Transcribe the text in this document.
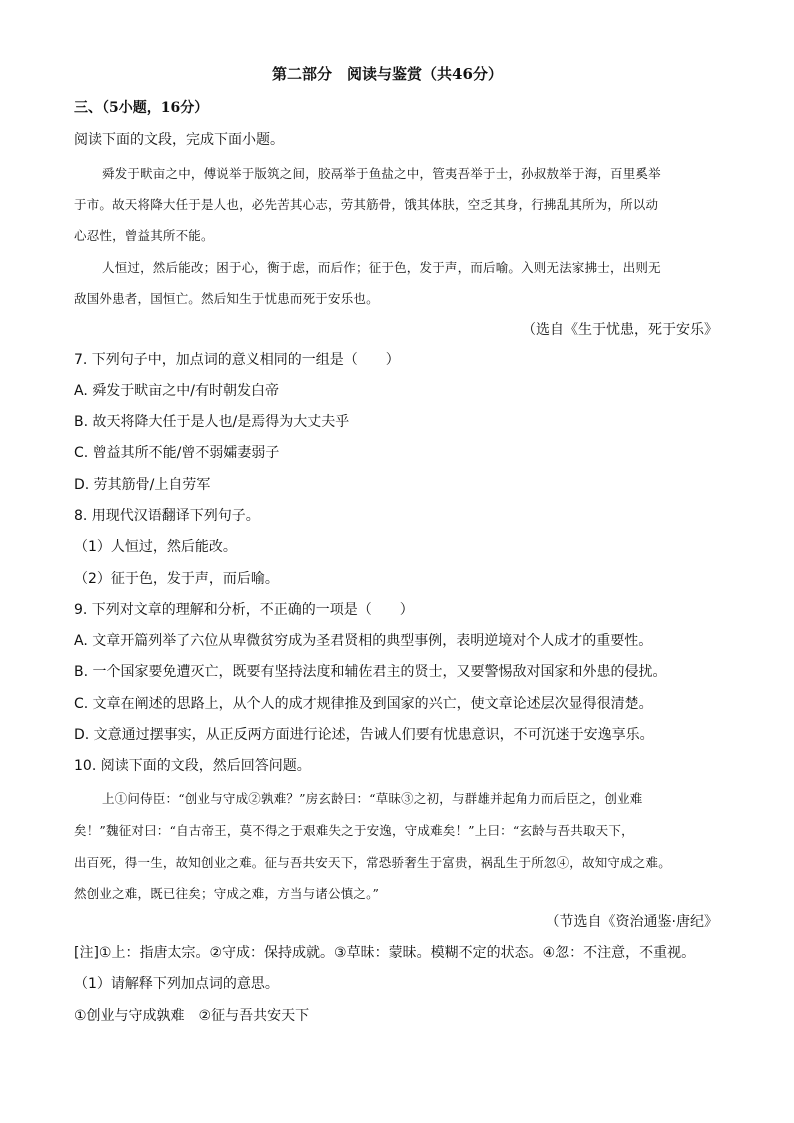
第二部分　阅读与鉴赏（共46分）
三、（5小题，16分）
阅读下面的文段，完成下面小题。
舜发于畎亩之中，傅说举于版筑之间，胶鬲举于鱼盐之中，管夷吾举于士，孙叔敖举于海，百里奚举
于市。故天将降大任于是人也，必先苦其心志，劳其筋骨，饿其体肤，空乏其身，行拂乱其所为，所以动
心忍性，曾益其所不能。
人恒过，然后能改；困于心，衡于虑，而后作；征于色，发于声，而后喻。入则无法家拂士，出则无
敌国外患者，国恒亡。然后知生于忧患而死于安乐也。
（选自《生于忧患，死于安乐》
7. 下列句子中，加点词的意义相同的一组是（　　）
A. 舜发于畎亩之中/有时朝发白帝
B. 故天将降大任于是人也/是焉得为大丈夫乎
C. 曾益其所不能/曾不弱孀妻弱子
D. 劳其筋骨/上自劳军
8. 用现代汉语翻译下列句子。
（1）人恒过，然后能改。
（2）征于色，发于声，而后喻。
9. 下列对文章的理解和分析，不正确的一项是（　　）
A. 文章开篇列举了六位从卑微贫穷成为圣君贤相的典型事例，表明逆境对个人成才的重要性。
B. 一个国家要免遭灭亡，既要有坚持法度和辅佐君主的贤士，又要警惕敌对国家和外患的侵扰。
C. 文章在阐述的思路上，从个人的成才规律推及到国家的兴亡，使文章论述层次显得很清楚。
D. 文意通过摆事实，从正反两方面进行论述，告诫人们要有忧患意识，不可沉迷于安逸享乐。
10. 阅读下面的文段，然后回答问题。
上①问侍臣：“创业与守成②孰难？”房玄龄曰：“草昧③之初，与群雄并起角力而后臣之，创业难
矣！”魏征对曰：“自古帝王，莫不得之于艰难失之于安逸，守成难矣！”上曰：“玄龄与吾共取天下，
出百死，得一生，故知创业之难。征与吾共安天下，常恐骄奢生于富贵，祸乱生于所忽④，故知守成之难。
然创业之难，既已往矣；守成之难，方当与诸公慎之。”
（节选自《资治通鉴·唐纪》
[注]①上：指唐太宗。②守成：保持成就。③草昧：蒙昧。模糊不定的状态。④忽：不注意，不重视。
（1）请解释下列加点词的意思。
①创业与守成孰难　②征与吾共安天下
